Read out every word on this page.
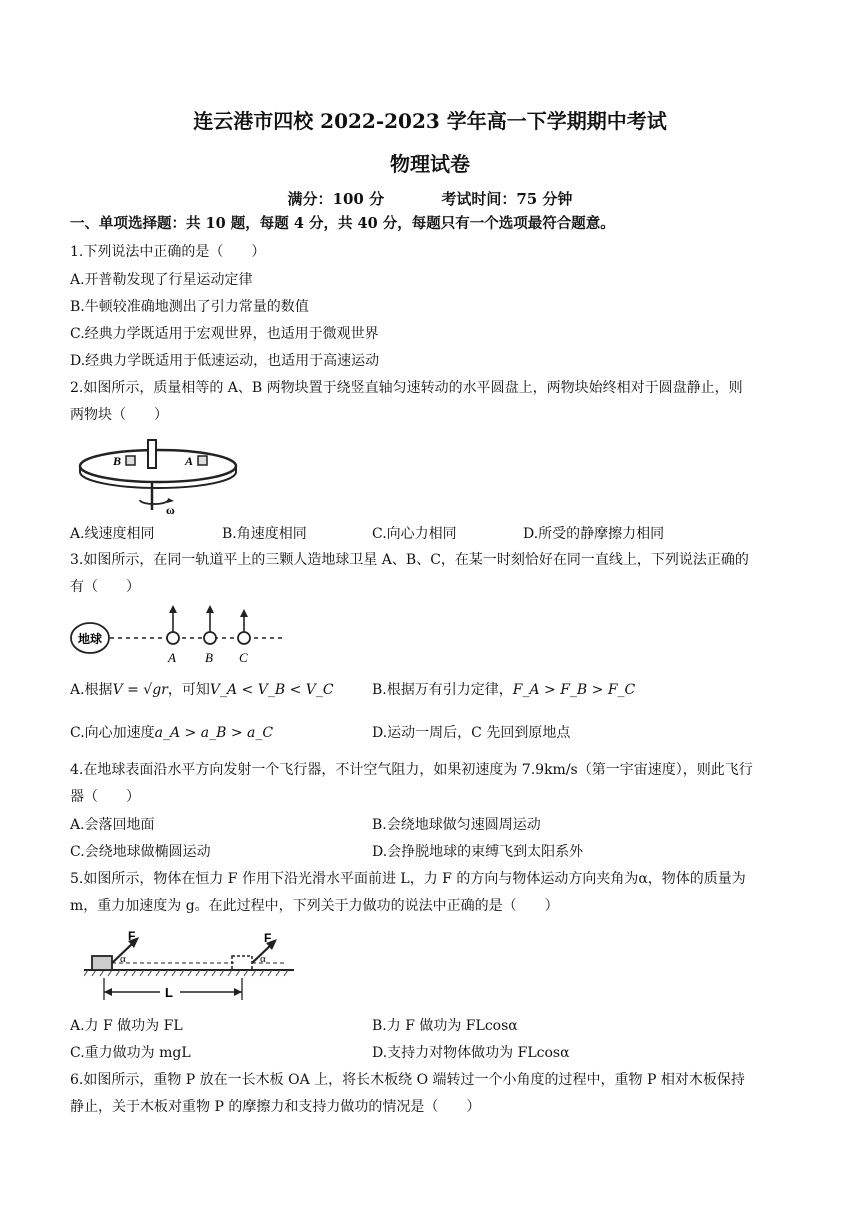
连云港市四校 2022-2023 学年高一下学期期中考试
物理试卷
满分：100 分	考试时间：75 分钟
一、单项选择题：共 10 题，每题 4 分，共 40 分，每题只有一个选项最符合题意。
1.下列说法中正确的是（　　）
A.开普勒发现了行星运动定律
B.牛顿较准确地测出了引力常量的数值
C.经典力学既适用于宏观世界，也适用于微观世界
D.经典力学既适用于低速运动，也适用于高速运动
2.如图所示，质量相等的 A、B 两物块置于绕竖直轴匀速转动的水平圆盘上，两物块始终相对于圆盘静止，则
两物块（　　）
B	A
ω
A.线速度相同	B.角速度相同	C.向心力相同	D.所受的静摩擦力相同
3.如图所示，在同一轨道平上的三颗人造地球卫星 A、B、C，在某一时刻恰好在同一直线上，下列说法正确的
有（　　）
地球
A B C
A.根据V = √gr，可知V_A < V_B < V_C	B.根据万有引力定律，F_A > F_B > F_C
C.向心加速度a_A > a_B > a_C	D.运动一周后，C 先回到原地点
4.在地球表面沿水平方向发射一个飞行器，不计空气阻力，如果初速度为 7.9km/s（第一宇宙速度），则此飞行
器（　　）
A.会落回地面	B.会绕地球做匀速圆周运动
C.会绕地球做椭圆运动	D.会挣脱地球的束缚飞到太阳系外
5.如图所示，物体在恒力 F 作用下沿光滑水平面前进 L，力 F 的方向与物体运动方向夹角为α，物体的质量为
m，重力加速度为 g。在此过程中，下列关于力做功的说法中正确的是（　　）
F	F
α	α
L
A.力 F 做功为 FL	B.力 F 做功为 FLcosα
C.重力做功为 mgL	D.支持力对物体做功为 FLcosα
6.如图所示，重物 P 放在一长木板 OA 上，将长木板绕 O 端转过一个小角度的过程中，重物 P 相对木板保持
静止，关于木板对重物 P 的摩擦力和支持力做功的情况是（　　）
